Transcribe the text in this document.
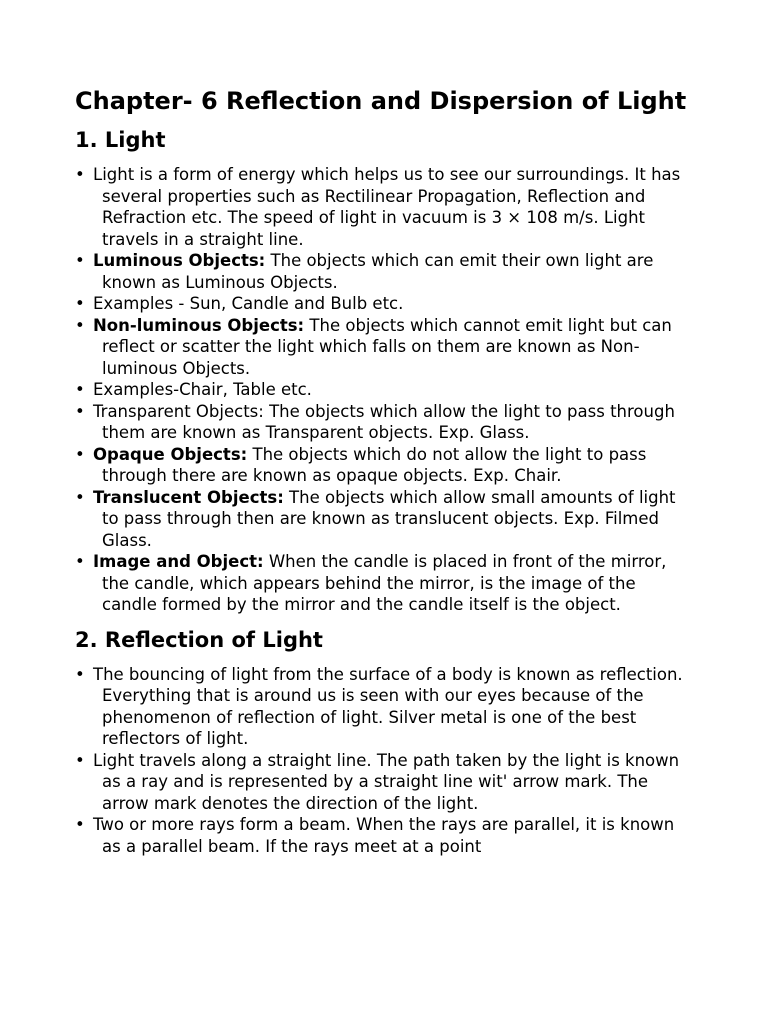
Chapter- 6 Reflection and Dispersion of Light
1. Light
• Light is a form of energy which helps us to see our surroundings. It has several properties such as Rectilinear Propagation, Reflection and Refraction etc. The speed of light in vacuum is 3 × 108 m/s. Light travels in a straight line.
• Luminous Objects: The objects which can emit their own light are known as Luminous Objects.
• Examples - Sun, Candle and Bulb etc.
• Non-luminous Objects: The objects which cannot emit light but can reflect or scatter the light which falls on them are known as Non-luminous Objects.
• Examples-Chair, Table etc.
• Transparent Objects: The objects which allow the light to pass through them are known as Transparent objects. Exp. Glass.
• Opaque Objects: The objects which do not allow the light to pass through there are known as opaque objects. Exp. Chair.
• Translucent Objects: The objects which allow small amounts of light to pass through then are known as translucent objects. Exp. Filmed Glass.
• Image and Object: When the candle is placed in front of the mirror, the candle, which appears behind the mirror, is the image of the candle formed by the mirror and the candle itself is the object.
2. Reflection of Light
• The bouncing of light from the surface of a body is known as reflection. Everything that is around us is seen with our eyes because of the phenomenon of reflection of light. Silver metal is one of the best reflectors of light.
• Light travels along a straight line. The path taken by the light is known as a ray and is represented by a straight line wit' arrow mark. The arrow mark denotes the direction of the light.
• Two or more rays form a beam. When the rays are parallel, it is known as a parallel beam. If the rays meet at a point
